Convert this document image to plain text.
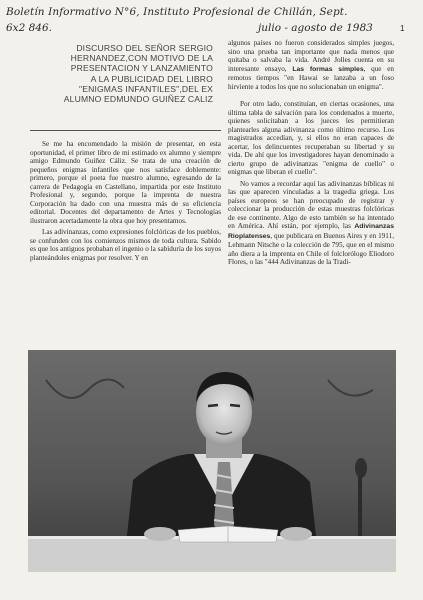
Boletín Informativo N°6, Instituto Profesional de Chillán, Sept.
6x2 846.	julio - agosto de 1983	1
DISCURSO DEL SEÑOR SERGIO
HERNANDEZ,CON MOTIVO DE LA
PRESENTACION Y LANZAMIENTO
A LA PUBLICIDAD DEL LIBRO
"ENIGMAS INFANTILES",DEL EX
ALUMNO EDMUNDO GUIÑEZ CALIZ

Se me ha encomendado la misión de presentar, en esta oportunidad, el primer libro de mi estimado ex alumno y siempre amigo Edmundo Guíñez Cáliz. Se trata de una creación de pequeños enigmas infantiles que nos satisface doblemente: primero, porque el poeta fue nuestro alumno, egresando de la carrera de Pedagogía en Castellano, impartida por este Instituto Profesional y, segundo, porque la imprenta de nuestra Corporación ha dado con una muestra más de su eficiencia editorial. Docentes del departamento de Artes y Tecnologías ilustraron acertadamente la obra que hoy presentamos.

Las adivinanzas, como expresiones folclóricas de los pueblos, se confunden con los comienzos mismos de toda cultura. Sabido es que los antiguos probaban el ingenio o la sabiduría de los suyos planteándoles enigmas por resolver. Y en

algunos países no fueron considerados simples juegos, sino una prueba tan importante que nada menos que quitaba o salvaba la vida. André Jolles cuenta en su interesante ensayo, Las formas simples, que en remotos tiempos "en Hawai se lanzaba a un foso hirviente a todos los que no solucionaban un enigma".

Por otro lado, constituían, en ciertas ocasiones, una última tabla de salvación para los condenados a muerte, quienes solicitaban a los jueces les permitieran plantearles alguna adivinanza como último recurso. Los magistrados accedían, y, si ellos no eran capaces de acertar, los delincuentes recuperaban su libertad y su vida. De ahí que los investigadores hayan denominado a cierto grupo de adivinanzas "enigma de cuello" o enigmas que liberan el cuello".

No vamos a recordar aquí las adivinanzas bíblicas ni las que aparecen vinculadas a la tragedia griega. Los países europeos se han preocupado de registrar y coleccionar la producción de estas muestras folclóricas de ese continente. Algo de esto también se ha intentado en América. Ahí están, por ejemplo, las Adivinanzas Rioplatenses, que publicara en Buenos Aires y en 1911, Lehmann Nitsche o la colección de 795, que en el mismo año diera a la imprenta en Chile el folclorólogo Eliodoro Flores, o las "444 Adivinanzas de la Tradi-
